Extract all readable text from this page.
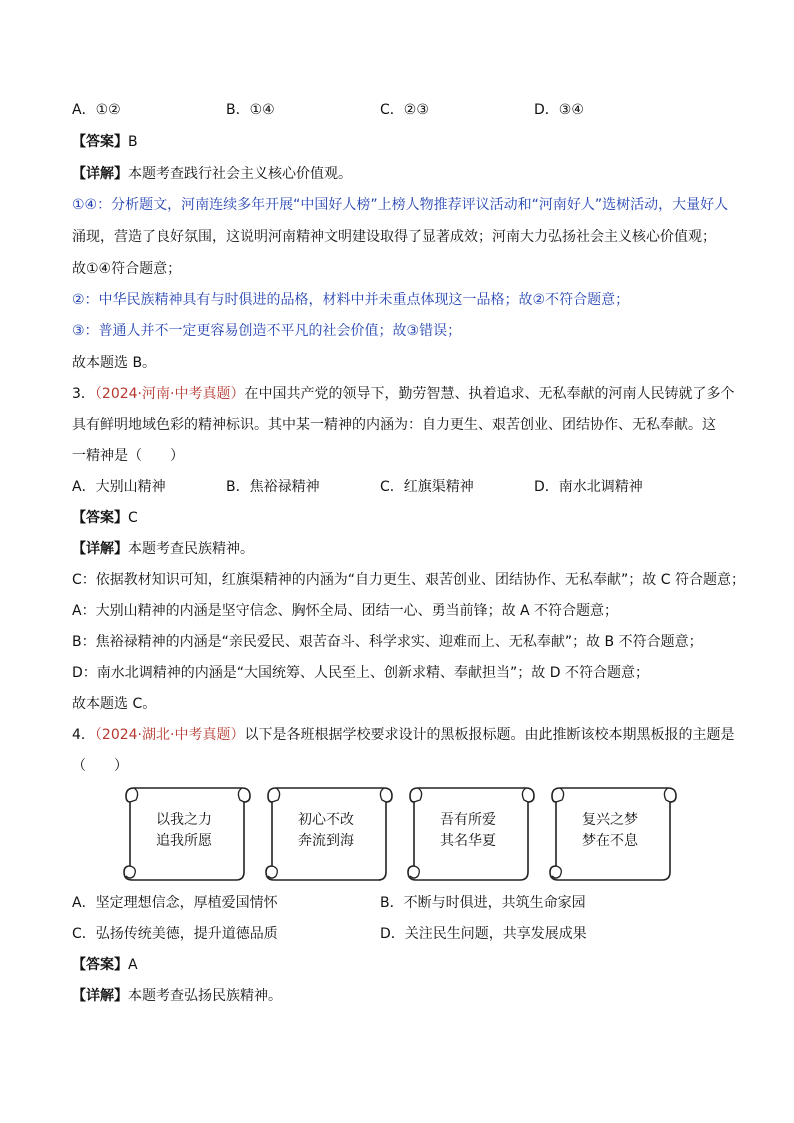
A．①②	B．①④	C．②③	D．③④
【答案】B
【详解】本题考查践行社会主义核心价值观。
①④：分析题文，河南连续多年开展“中国好人榜”上榜人物推荐评议活动和“河南好人”选树活动，大量好人
涌现，营造了良好氛围，这说明河南精神文明建设取得了显著成效；河南大力弘扬社会主义核心价值观；
故①④符合题意；
②：中华民族精神具有与时俱进的品格，材料中并未重点体现这一品格；故②不符合题意；
③：普通人并不一定更容易创造不平凡的社会价值；故③错误；
故本题选 B。
3．（2024·河南·中考真题）在中国共产党的领导下，勤劳智慧、执着追求、无私奉献的河南人民铸就了多个
具有鲜明地域色彩的精神标识。其中某一精神的内涵为：自力更生、艰苦创业、团结协作、无私奉献。这
一精神是（　　）
A．大别山精神	B．焦裕禄精神	C．红旗渠精神	D．南水北调精神
【答案】C
【详解】本题考查民族精神。
C：依据教材知识可知，红旗渠精神的内涵为“自力更生、艰苦创业、团结协作、无私奉献”；故 C 符合题意；
A：大别山精神的内涵是坚守信念、胸怀全局、团结一心、勇当前锋；故 A 不符合题意；
B：焦裕禄精神的内涵是“亲民爱民、艰苦奋斗、科学求实、迎难而上、无私奉献”；故 B 不符合题意；
D：南水北调精神的内涵是“大国统筹、人民至上、创新求精、奉献担当”；故 D 不符合题意；
故本题选 C。
4．（2024·湖北·中考真题）以下是各班根据学校要求设计的黑板报标题。由此推断该校本期黑板报的主题是
（　　）
以我之力
追我所愿
初心不改
奔流到海
吾有所爱
其名华夏
复兴之梦
梦在不息
A．坚定理想信念，厚植爱国情怀	B．不断与时俱进，共筑生命家园
C．弘扬传统美德，提升道德品质	D．关注民生问题，共享发展成果
【答案】A
【详解】本题考查弘扬民族精神。
